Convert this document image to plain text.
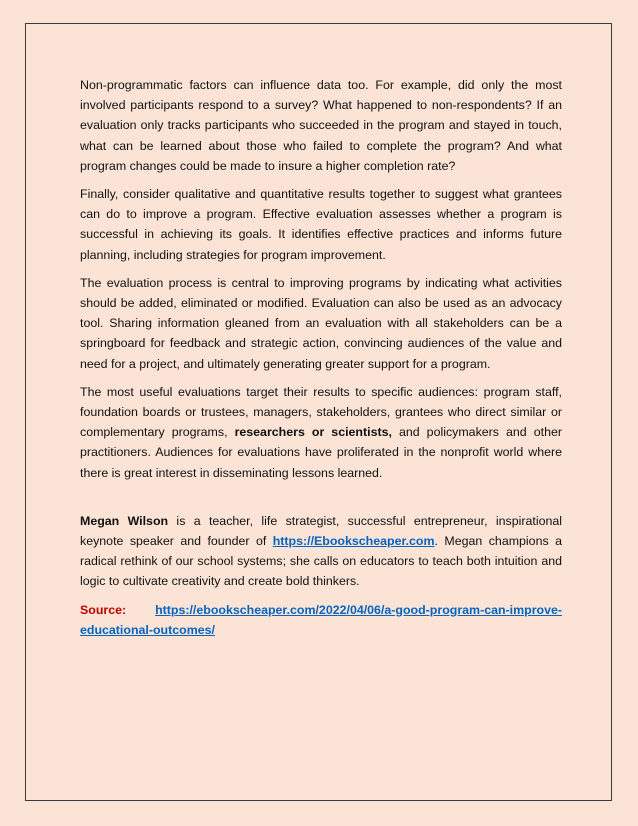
Non-programmatic factors can influence data too. For example, did only the most involved participants respond to a survey? What happened to non-respondents? If an evaluation only tracks participants who succeeded in the program and stayed in touch, what can be learned about those who failed to complete the program? And what program changes could be made to insure a higher completion rate?

Finally, consider qualitative and quantitative results together to suggest what grantees can do to improve a program. Effective evaluation assesses whether a program is successful in achieving its goals. It identifies effective practices and informs future planning, including strategies for program improvement.

The evaluation process is central to improving programs by indicating what activities should be added, eliminated or modified. Evaluation can also be used as an advocacy tool. Sharing information gleaned from an evaluation with all stakeholders can be a springboard for feedback and strategic action, convincing audiences of the value and need for a project, and ultimately generating greater support for a program.

The most useful evaluations target their results to specific audiences: program staff, foundation boards or trustees, managers, stakeholders, grantees who direct similar or complementary programs, researchers or scientists, and policymakers and other practitioners. Audiences for evaluations have proliferated in the nonprofit world where there is great interest in disseminating lessons learned.

Megan Wilson is a teacher, life strategist, successful entrepreneur, inspirational keynote speaker and founder of https://Ebookscheaper.com. Megan champions a radical rethink of our school systems; she calls on educators to teach both intuition and logic to cultivate creativity and create bold thinkers.

Source: https://ebookscheaper.com/2022/04/06/a-good-program-can-improve-educational-outcomes/
